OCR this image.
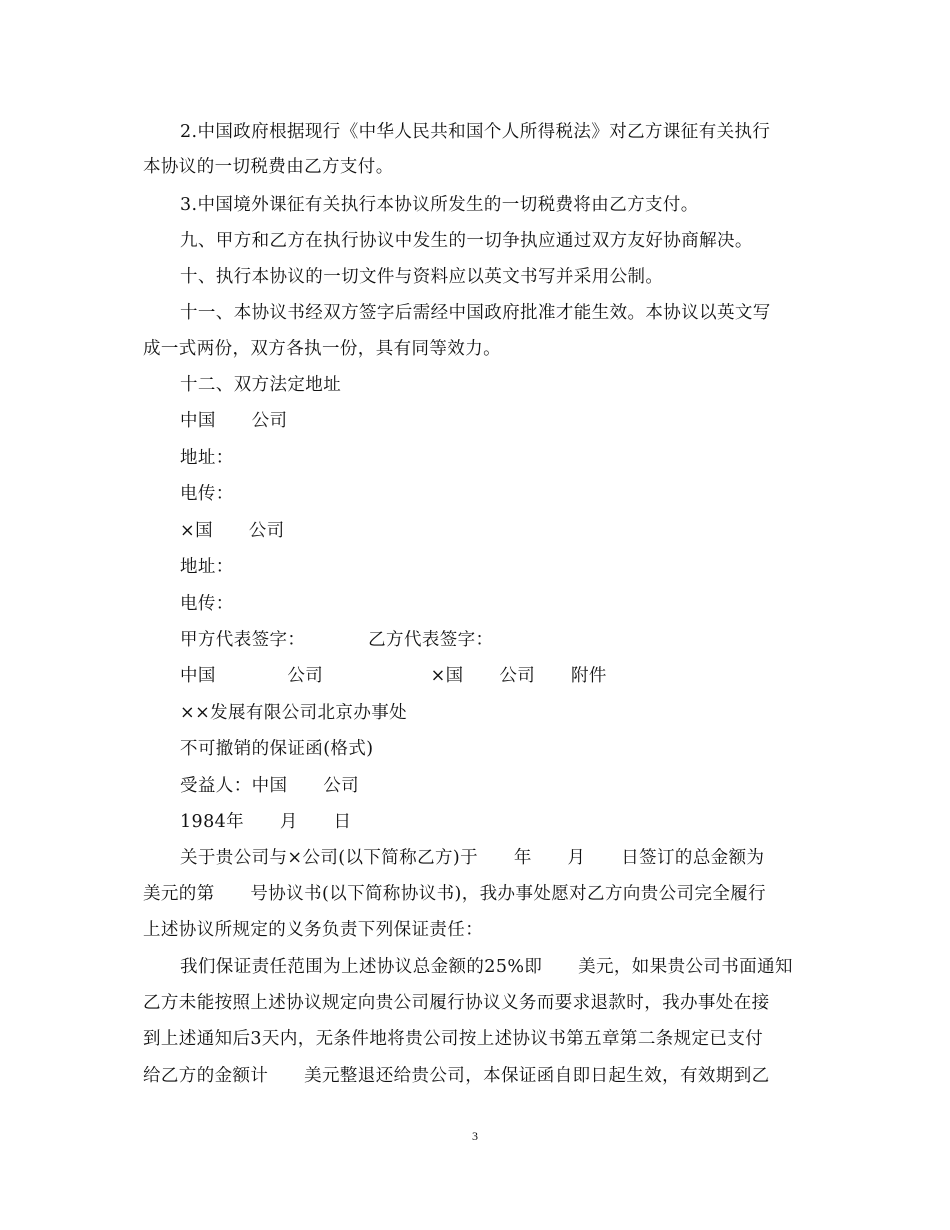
2.中国政府根据现行《中华人民共和国个人所得税法》对乙方课征有关执行
本协议的一切税费由乙方支付。
3.中国境外课征有关执行本协议所发生的一切税费将由乙方支付。
九、甲方和乙方在执行协议中发生的一切争执应通过双方友好协商解决。
十、执行本协议的一切文件与资料应以英文书写并采用公制。
十一、本协议书经双方签字后需经中国政府批准才能生效。本协议以英文写
成一式两份，双方各执一份，具有同等效力。
十二、双方法定地址
中国　　公司
地址：
电传：
×国　　公司
地址：
电传：
甲方代表签字：　　　　乙方代表签字：
中国　　　　公司　　　　　　×国　　公司　　附件
××发展有限公司北京办事处
不可撤销的保证函(格式)
受益人：中国　　公司
1984年　　月　　日
关于贵公司与×公司(以下简称乙方)于　　年　　月　　日签订的总金额为
美元的第　　号协议书(以下简称协议书)，我办事处愿对乙方向贵公司完全履行
上述协议所规定的义务负责下列保证责任：
我们保证责任范围为上述协议总金额的25%即　　美元，如果贵公司书面通知
乙方未能按照上述协议规定向贵公司履行协议义务而要求退款时，我办事处在接
到上述通知后3天内，无条件地将贵公司按上述协议书第五章第二条规定已支付
给乙方的金额计　　美元整退还给贵公司，本保证函自即日起生效，有效期到乙
3
